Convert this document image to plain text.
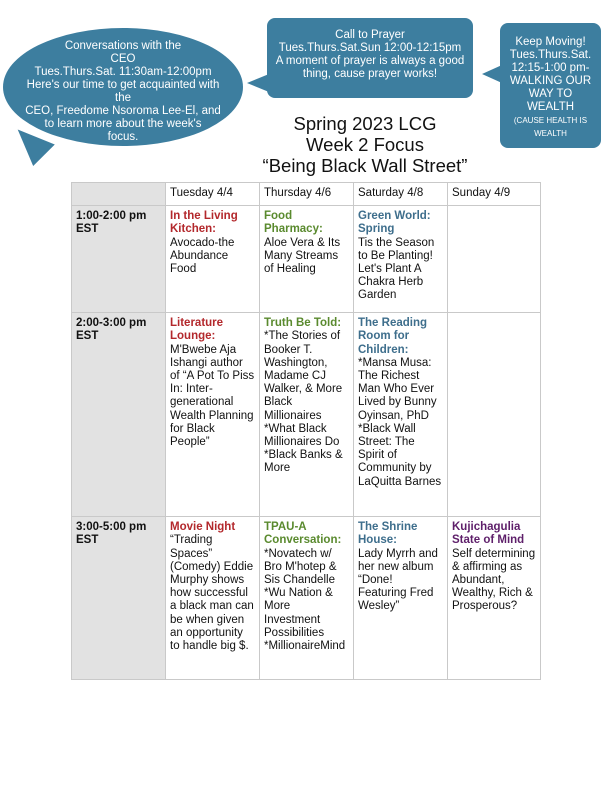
Conversations with the
CEO
Tues.Thurs.Sat. 11:30am-12:00pm
Here's our time to get acquainted with the
CEO, Freedome Nsoroma Lee-El, and
to learn more about the week's
focus.
Call to Prayer
Tues.Thurs.Sat.Sun 12:00-12:15pm
A moment of prayer is always a good
thing, cause prayer works!
Keep Moving!
Tues.Thurs.Sat.
12:15-1:00 pm-
WALKING OUR
WAY TO
WEALTH
(CAUSE HEALTH IS WEALTH
Spring 2023 LCG
Week 2 Focus
“Being Black Wall Street”
	Tuesday 4/4	Thursday 4/6	Saturday 4/8	Sunday 4/9
1:00-2:00 pm EST	In the Living Kitchen:
Avocado-the Abundance Food	Food Pharmacy:
Aloe Vera & Its Many Streams of Healing	Green World: Spring
Tis the Season to Be Planting! Let's Plant A Chakra Herb Garden	
2:00-3:00 pm EST	Literature Lounge:
M'Bwebe Aja Ishangi author of “A Pot To Piss In: Inter-generational Wealth Planning for Black People”	Truth Be Told:
*The Stories of Booker T. Washington, Madame CJ Walker, & More Black Millionaires *What Black Millionaires Do *Black Banks & More	The Reading Room for Children:
*Mansa Musa: The Richest Man Who Ever Lived by Bunny Oyinsan, PhD *Black Wall Street: The Spirit of Community by LaQuitta Barnes	
3:00-5:00 pm EST	Movie Night
“Trading Spaces” (Comedy) Eddie Murphy shows how successful a black man can be when given an opportunity to handle big $.	TPAU-A Conversation:
*Novatech w/ Bro M'hotep & Sis Chandelle *Wu Nation & More Investment Possibilities *MillionaireMind	The Shrine House:
Lady Myrrh and her new album “Done! Featuring Fred Wesley”	Kujichagulia State of Mind
Self determining & affirming as Abundant, Wealthy, Rich & Prosperous?
